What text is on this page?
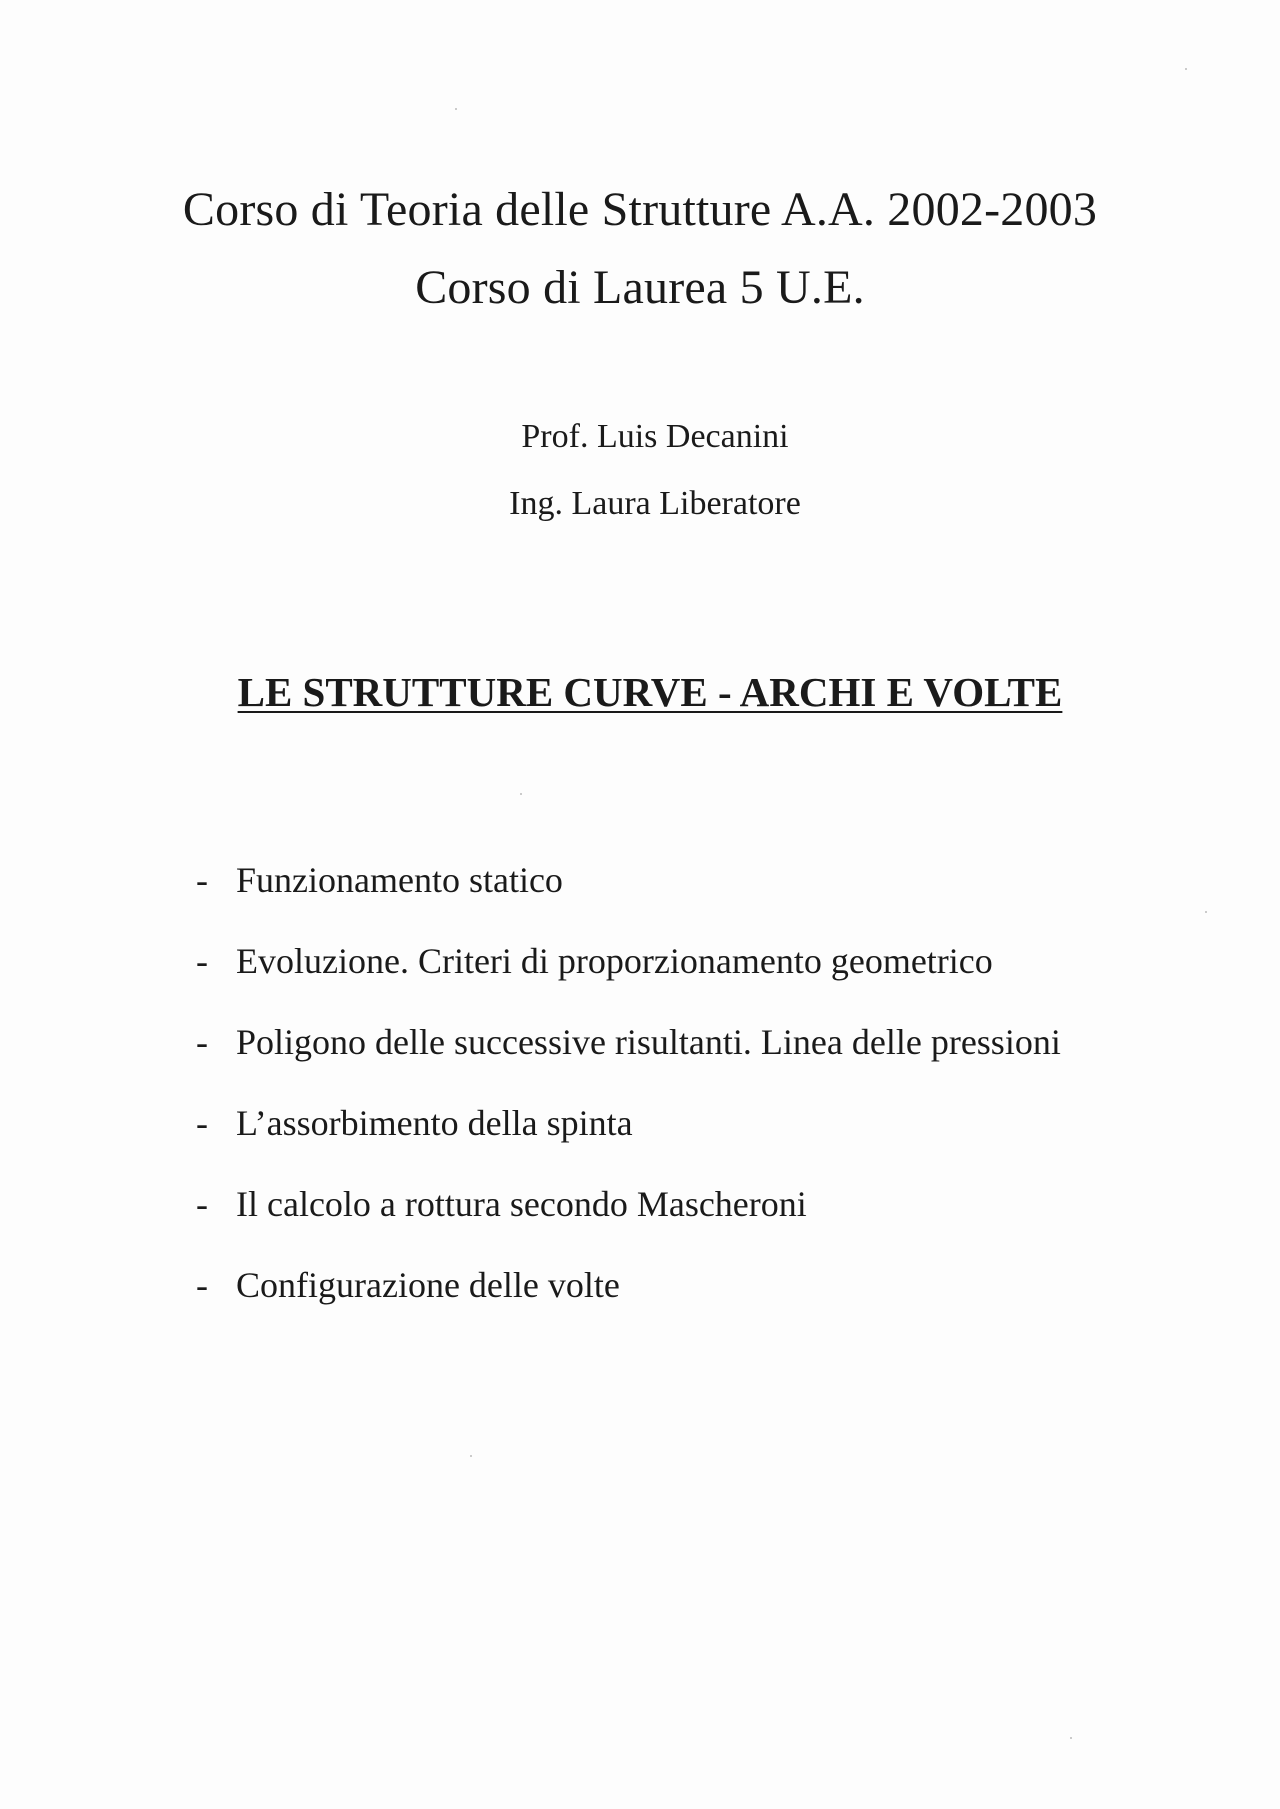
Corso di Teoria delle Strutture A.A. 2002-2003
Corso di Laurea 5 U.E.
Prof. Luis Decanini
Ing. Laura Liberatore
LE STRUTTURE CURVE - ARCHI E VOLTE
- Funzionamento statico
- Evoluzione. Criteri di proporzionamento geometrico
- Poligono delle successive risultanti. Linea delle pressioni
- L’assorbimento della spinta
- Il calcolo a rottura secondo Mascheroni
- Configurazione delle volte
